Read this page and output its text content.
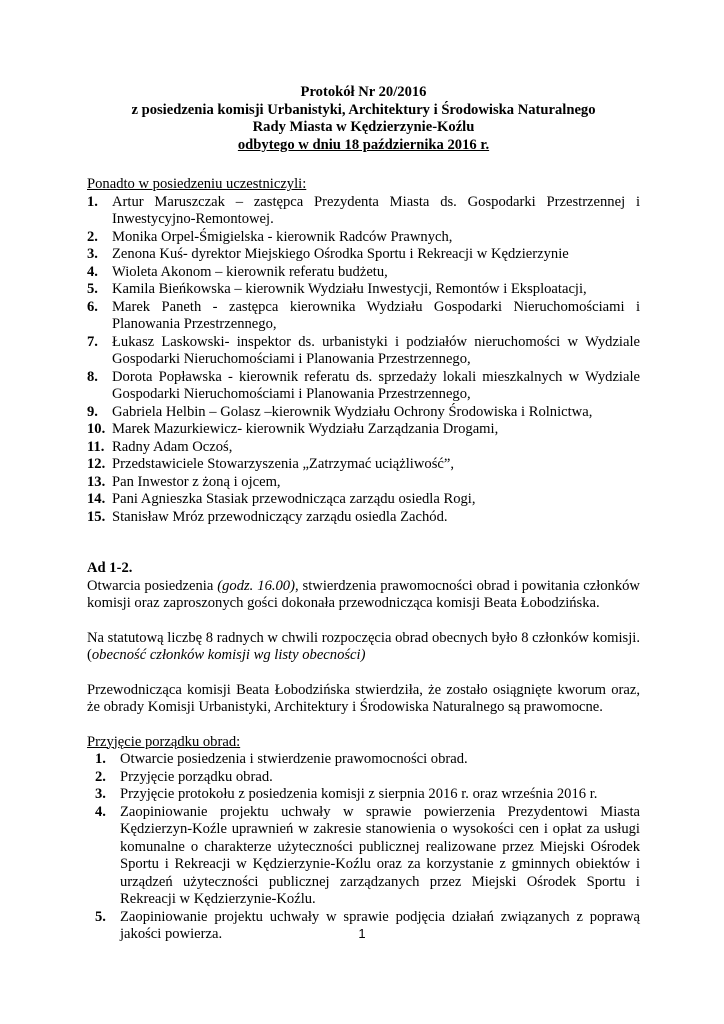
Protokół Nr 20/2016
z posiedzenia komisji Urbanistyki, Architektury i Środowiska Naturalnego
Rady Miasta w Kędzierzynie-Koźlu
odbytego w dniu 18 października 2016 r.
Ponadto w posiedzeniu uczestniczyli:
1. Artur Maruszczak – zastępca Prezydenta Miasta ds. Gospodarki Przestrzennej i Inwestycyjno-Remontowej.
2. Monika Orpel-Śmigielska - kierownik Radców Prawnych,
3. Zenona Kuś- dyrektor Miejskiego Ośrodka Sportu i Rekreacji w Kędzierzynie
4. Wioleta Akonom – kierownik referatu budżetu,
5. Kamila Bieńkowska – kierownik Wydziału Inwestycji, Remontów i Eksploatacji,
6. Marek Paneth - zastępca kierownika Wydziału Gospodarki Nieruchomościami i Planowania Przestrzennego,
7. Łukasz Laskowski- inspektor ds. urbanistyki i podziałów nieruchomości w Wydziale Gospodarki Nieruchomościami i Planowania Przestrzennego,
8. Dorota Popławska - kierownik referatu ds. sprzedaży lokali mieszkalnych w Wydziale Gospodarki Nieruchomościami i Planowania Przestrzennego,
9. Gabriela Helbin – Golasz –kierownik Wydziału Ochrony Środowiska i Rolnictwa,
10. Marek Mazurkiewicz- kierownik Wydziału Zarządzania Drogami,
11. Radny Adam Oczoś,
12. Przedstawiciele Stowarzyszenia „Zatrzymać uciążliwość”,
13. Pan Inwestor z żoną i ojcem,
14. Pani Agnieszka Stasiak przewodnicząca zarządu osiedla Rogi,
15. Stanisław Mróz przewodniczący zarządu osiedla Zachód.
Ad 1-2.

Otwarcia posiedzenia (godz. 16.00), stwierdzenia prawomocności obrad i powitania członków komisji oraz zaproszonych gości dokonała przewodnicząca komisji Beata Łobodzińska.

Na statutową liczbę 8 radnych w chwili rozpoczęcia obrad obecnych było 8 członków komisji. (obecność członków komisji wg listy obecności)

Przewodnicząca komisji Beata Łobodzińska stwierdziła, że zostało osiągnięte kworum oraz, że obrady Komisji Urbanistyki, Architektury i Środowiska Naturalnego są prawomocne.

Przyjęcie porządku obrad:
1. Otwarcie posiedzenia i stwierdzenie prawomocności obrad.
2. Przyjęcie porządku obrad.
3. Przyjęcie protokołu z posiedzenia komisji z sierpnia 2016 r. oraz września 2016 r.
4. Zaopiniowanie projektu uchwały w sprawie powierzenia Prezydentowi Miasta Kędzierzyn-Koźle uprawnień w zakresie stanowienia o wysokości cen i opłat za usługi komunalne o charakterze użyteczności publicznej realizowane przez Miejski Ośrodek Sportu i Rekreacji w Kędzierzynie-Koźlu oraz za korzystanie z gminnych obiektów i urządzeń użyteczności publicznej zarządzanych przez Miejski Ośrodek Sportu i Rekreacji w Kędzierzynie-Koźlu.
5. Zaopiniowanie projektu uchwały w sprawie podjęcia działań związanych z poprawą jakości powierza.	1
